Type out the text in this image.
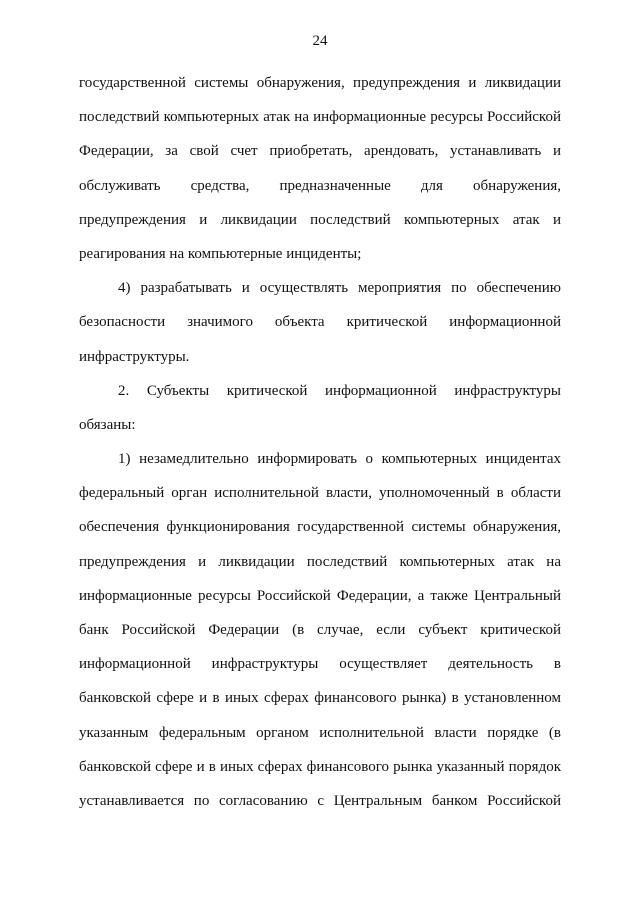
24
государственной системы обнаружения, предупреждения и ликвидации
последствий компьютерных атак на информационные ресурсы Российской
Федерации, за свой счет приобретать, арендовать, устанавливать и
обслуживать средства, предназначенные для обнаружения,
предупреждения и ликвидации последствий компьютерных атак и
реагирования на компьютерные инциденты;
4) разрабатывать и осуществлять мероприятия по обеспечению
безопасности значимого объекта критической информационной
инфраструктуры.
2. Субъекты критической информационной инфраструктуры
обязаны:
1) незамедлительно информировать о компьютерных инцидентах
федеральный орган исполнительной власти, уполномоченный в области
обеспечения функционирования государственной системы обнаружения,
предупреждения и ликвидации последствий компьютерных атак на
информационные ресурсы Российской Федерации, а также Центральный
банк Российской Федерации (в случае, если субъект критической
информационной инфраструктуры осуществляет деятельность в
банковской сфере и в иных сферах финансового рынка) в установленном
указанным федеральным органом исполнительной власти порядке (в
банковской сфере и в иных сферах финансового рынка указанный порядок
устанавливается по согласованию с Центральным банком Российской
